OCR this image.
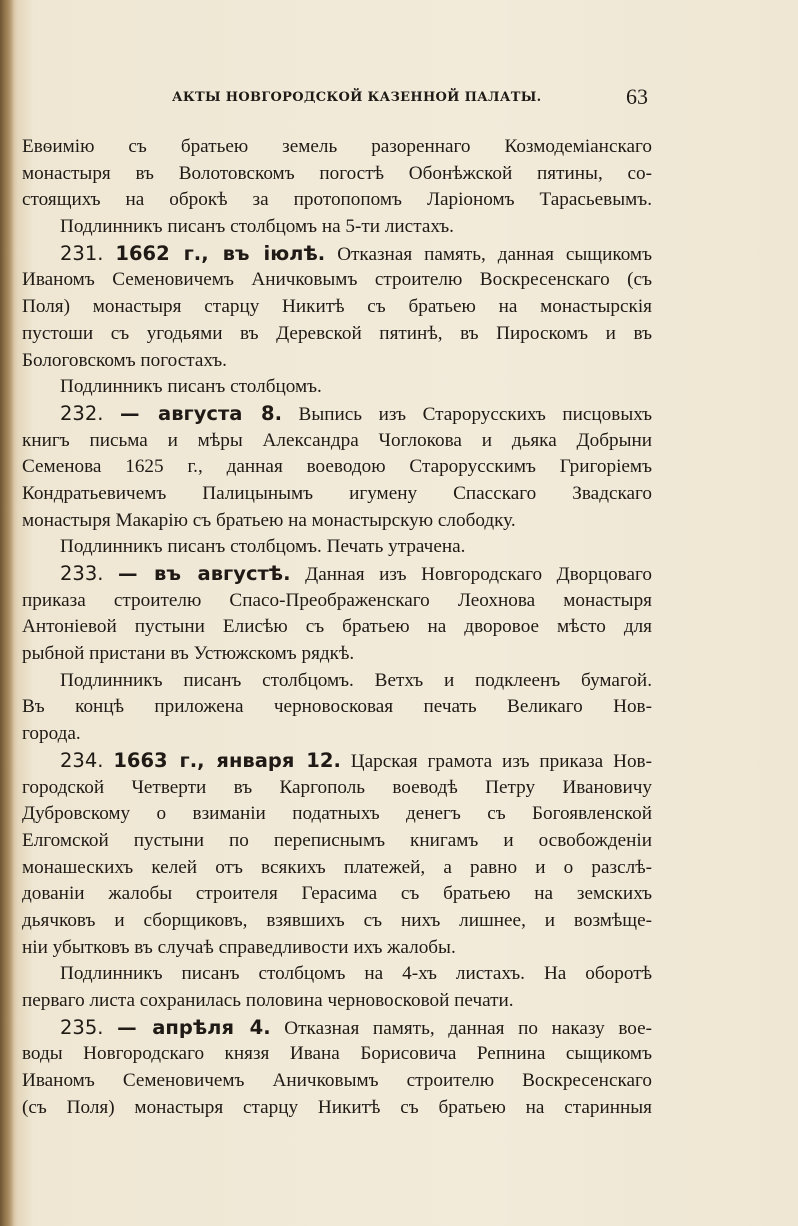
АКТЫ НОВГОРОДСКОЙ КАЗЕННОЙ ПАЛАТЫ.	63
Евѳимію съ братьею земель разореннаго Козмодеміанскаго
монастыря въ Волотовскомъ погостѣ Обонѣжской пятины, со-
стоящихъ на оброкѣ за протопопомъ Ларіономъ Тарасьевымъ.
Подлинникъ писанъ столбцомъ на 5-ти листахъ.
231. 1662 г., въ іюлѣ. Отказная память, данная сыщикомъ
Иваномъ Семеновичемъ Аничковымъ строителю Воскресенскаго (съ
Поля) монастыря старцу Никитѣ съ братьею на монастырскія
пустоши съ угодьями въ Деревской пятинѣ, въ Пироскомъ и въ
Бологовскомъ погостахъ.
Подлинникъ писанъ столбцомъ.
232. — августа 8. Выпись изъ Старорусскихъ писцовыхъ
книгъ письма и мѣры Александра Чоглокова и дьяка Добрыни
Семенова 1625 г., данная воеводою Старорусскимъ Григоріемъ
Кондратьевичемъ Палицынымъ игумену Спасскаго Звадскаго
монастыря Макарію съ братьею на монастырскую слободку.
Подлинникъ писанъ столбцомъ. Печать утрачена.
233. — въ августѣ. Данная изъ Новгородскаго Дворцоваго
приказа строителю Спасо-Преображенскаго Леохнова монастыря
Антоніевой пустыни Елисѣю съ братьею на дворовое мѣсто для
рыбной пристани въ Устюжскомъ рядкѣ.
Подлинникъ писанъ столбцомъ. Ветхъ и подклеенъ бумагой.
Въ концѣ приложена черновосковая печать Великаго Нов-
города.
234. 1663 г., января 12. Царская грамота изъ приказа Нов-
городской Четверти въ Каргополь воеводѣ Петру Ивановичу
Дубровскому о взиманіи податныхъ денегъ съ Богоявленской
Елгомской пустыни по переписнымъ книгамъ и освобожденіи
монашескихъ келей отъ всякихъ платежей, а равно и о разслѣ-
дованіи жалобы строителя Герасима съ братьею на земскихъ
дьячковъ и сборщиковъ, взявшихъ съ нихъ лишнее, и возмѣще-
ніи убытковъ въ случаѣ справедливости ихъ жалобы.
Подлинникъ писанъ столбцомъ на 4-хъ листахъ. На оборотѣ
перваго листа сохранилась половина черновосковой печати.
235. — апрѣля 4. Отказная память, данная по наказу вое-
воды Новгородскаго князя Ивана Борисовича Репнина сыщикомъ
Иваномъ Семеновичемъ Аничковымъ строителю Воскресенскаго
(съ Поля) монастыря старцу Никитѣ съ братьею на старинныя
